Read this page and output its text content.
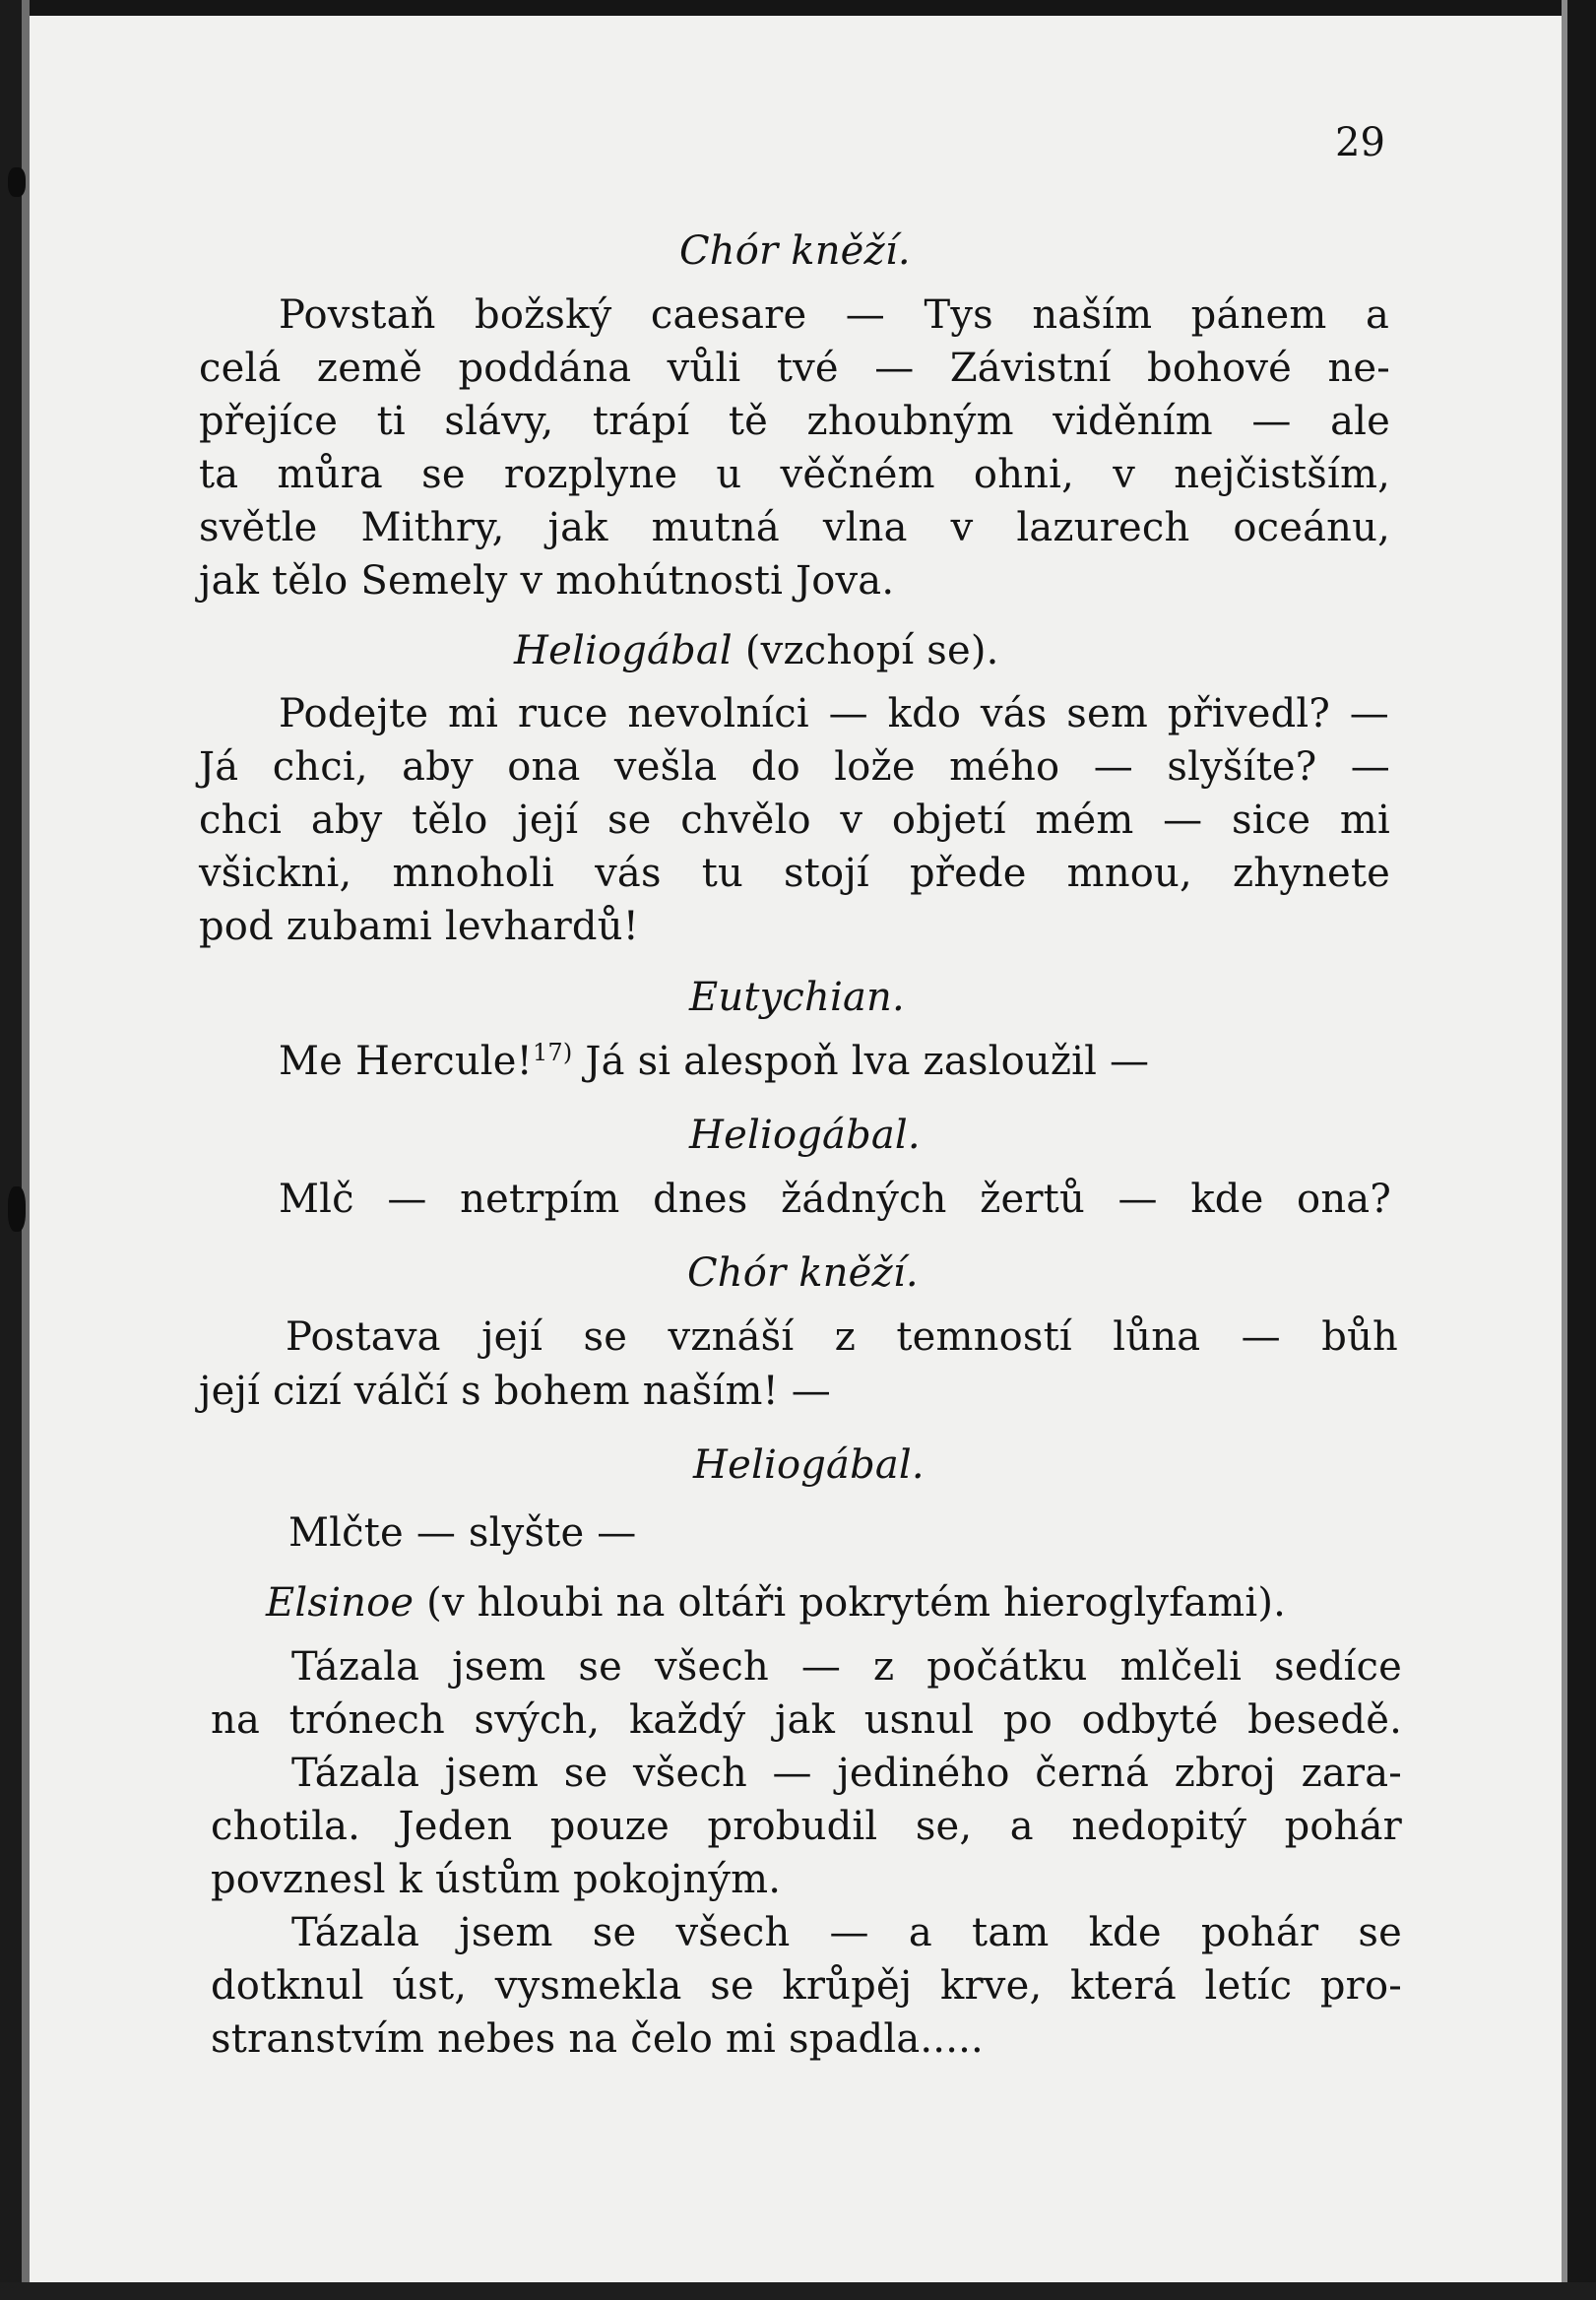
29
Chór kněží.
Povstaň božský caesare — Tys naším pánem a
celá země poddána vůli tvé — Závistní bohové ne-
přejíce ti slávy, trápí tě zhoubným viděním — ale
ta můra se rozplyne u věčném ohni, v nejčistším,
světle Mithry, jak mutná vlna v lazurech oceánu,
jak tělo Semely v mohútnosti Jova.
Heliogábal (vzchopí se).
Podejte mi ruce nevolníci — kdo vás sem přivedl? —
Já chci, aby ona vešla do lože mého — slyšíte? —
chci aby tělo její se chvělo v objetí mém — sice mi
všickni, mnoholi vás tu stojí přede mnou, zhynete
pod zubami levhardů!
Eutychian.
Me Hercule!$^{17)}$ Já si alespoň lva zasloužil —
Heliogábal.
Mlč — netrpím dnes žádných žertů — kde ona?
Chór kněží.
Postava její se vznáší z temností lůna — bůh
její cizí válčí s bohem naším! —
Heliogábal.
Mlčte — slyšte —
Elsinoe (v hloubi na oltáři pokrytém hieroglyfami).
Tázala jsem se všech — z počátku mlčeli sedíce
na trónech svých, každý jak usnul po odbyté besedě.
Tázala jsem se všech — jediného černá zbroj zara-
chotila. Jeden pouze probudil se, a nedopitý pohár
povznesl k ústům pokojným.
Tázala jsem se všech — a tam kde pohár se
dotknul úst, vysmekla se krůpěj krve, která letíc pro-
stranstvím nebes na čelo mi spadla.....
